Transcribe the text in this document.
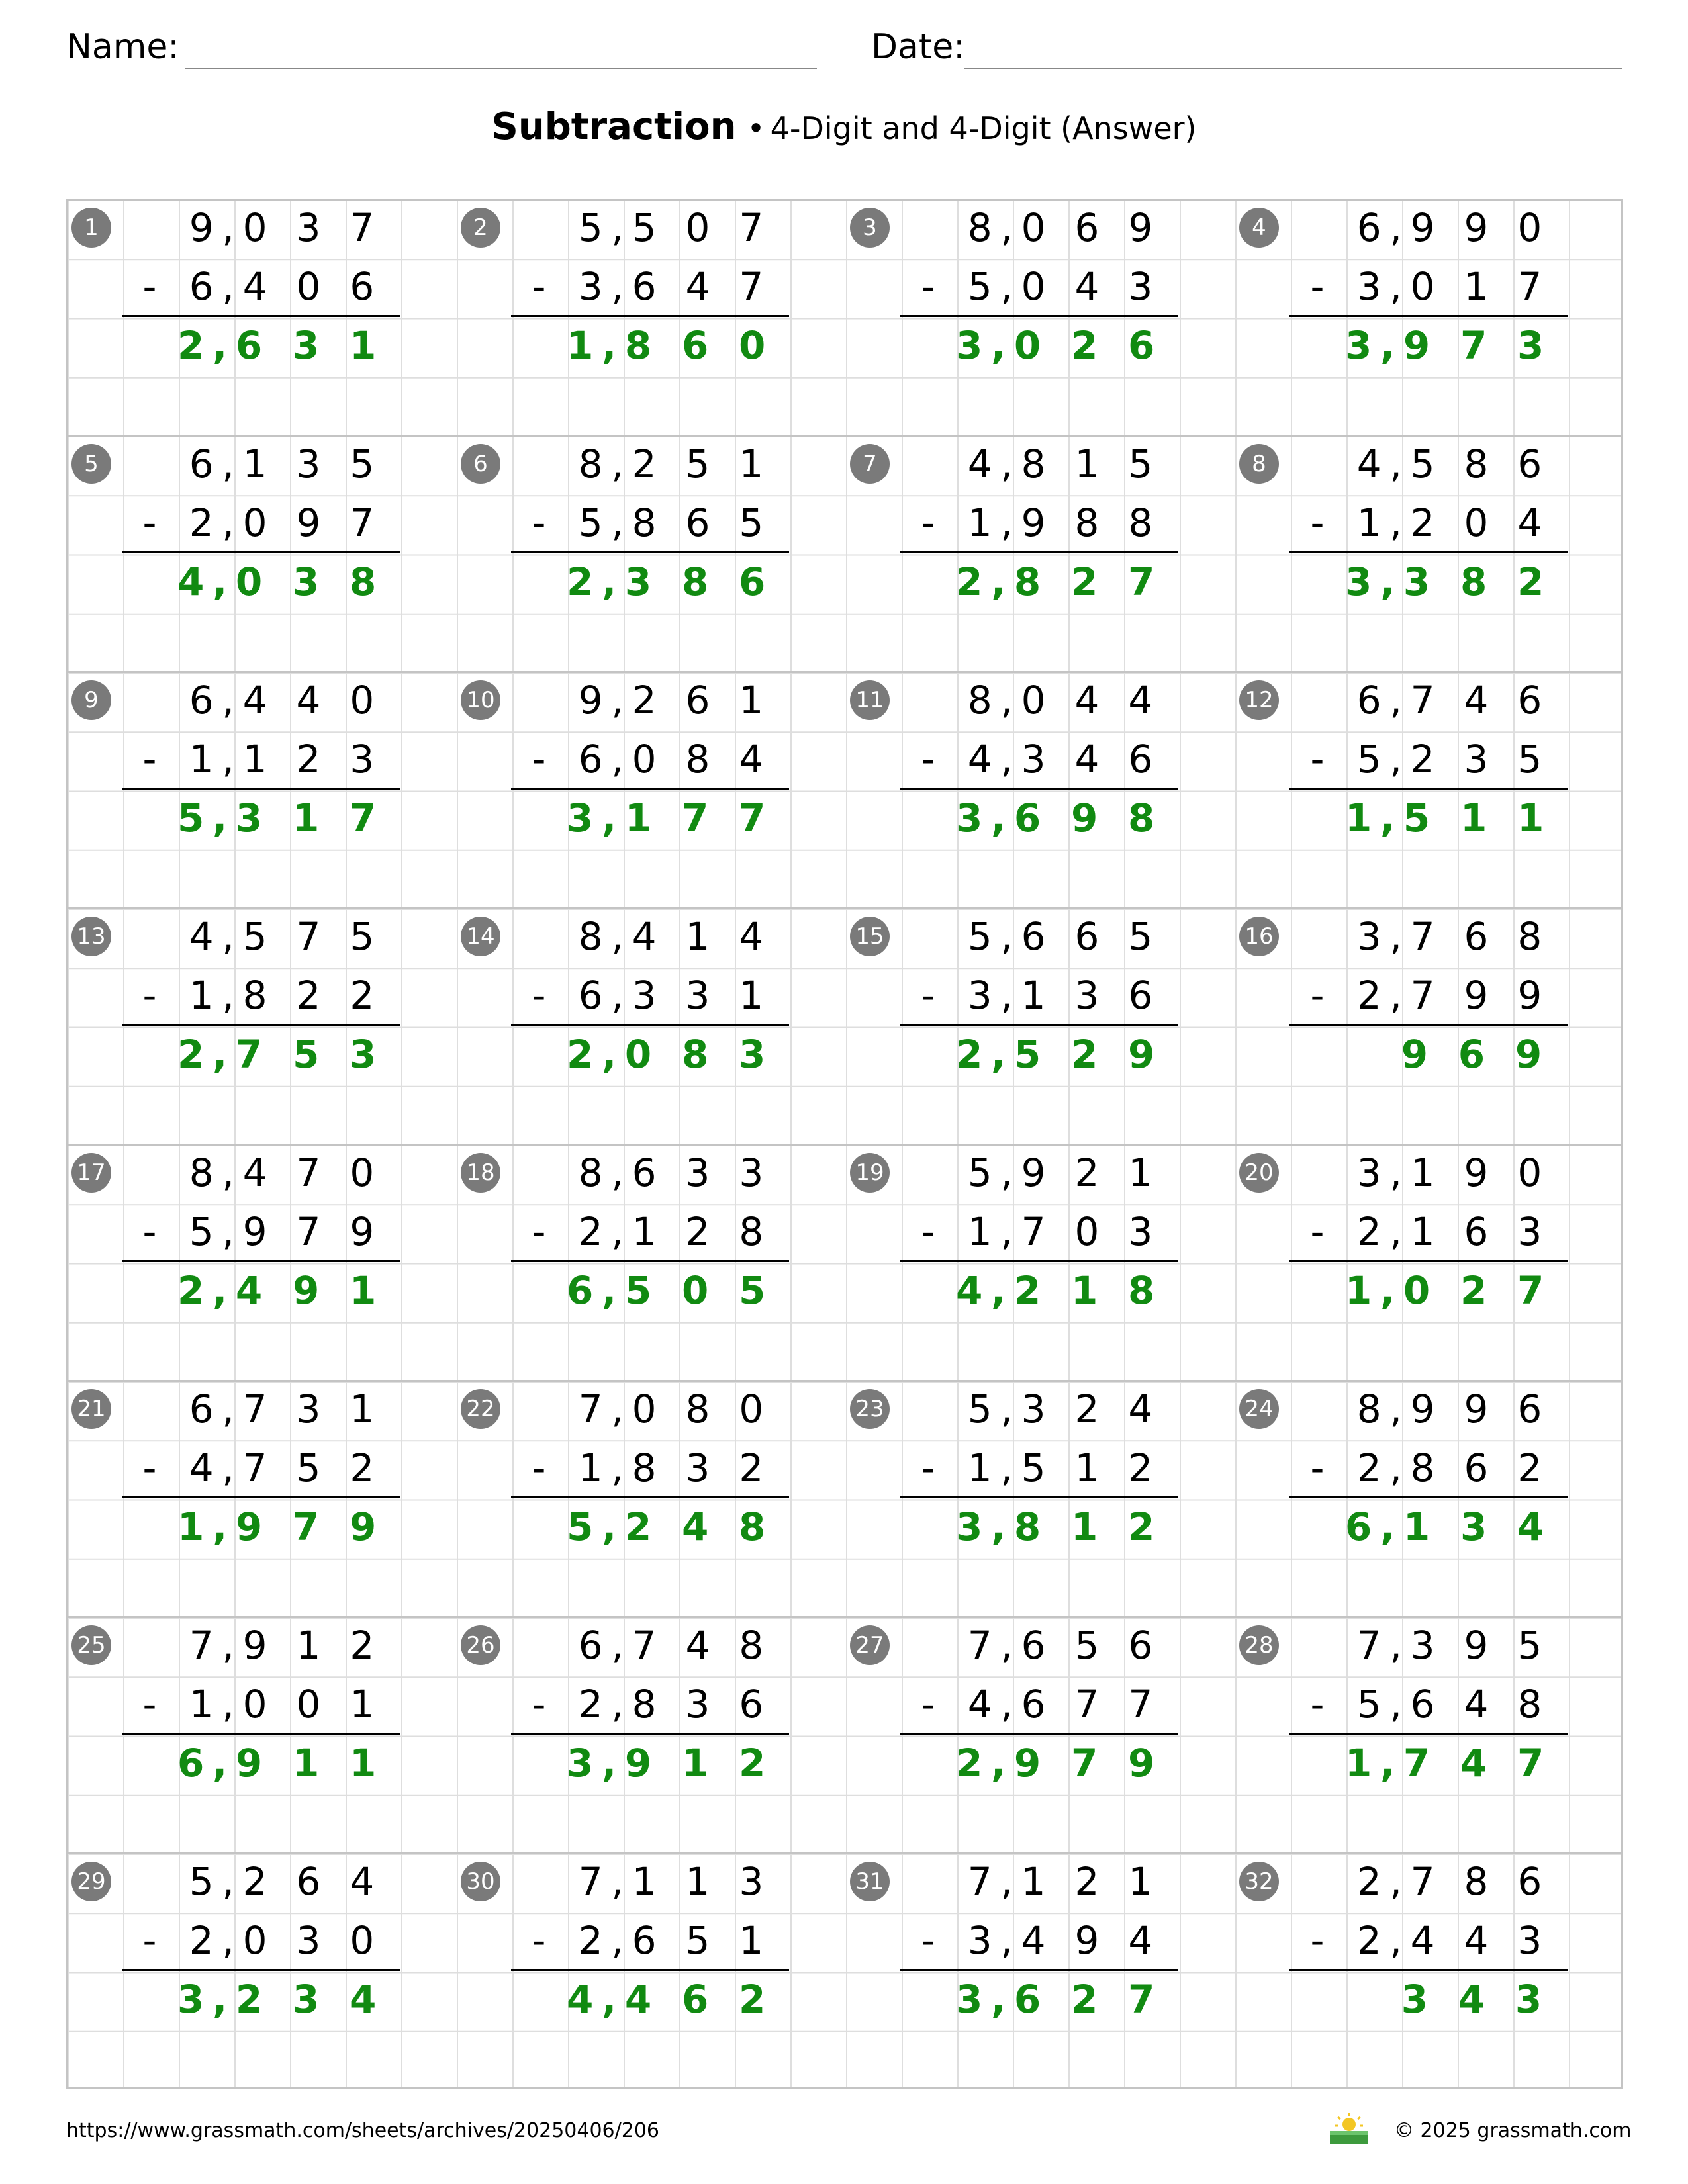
Name:	Date:
Subtraction • 4-Digit and 4-Digit (Answer)
1	9,0 3 7
- 6,4 0 6
2,6 3 1
2	5,5 0 7
- 3,6 4 7
1,8 6 0
3	8,0 6 9
- 5,0 4 3
3,0 2 6
4	6,9 9 0
- 3,0 1 7
3,9 7 3
5	6,1 3 5
- 2,0 9 7
4,0 3 8
6	8,2 5 1
- 5,8 6 5
2,3 8 6
7	4,8 1 5
- 1,9 8 8
2,8 2 7
8	4,5 8 6
- 1,2 0 4
3,3 8 2
9	6,4 4 0
- 1,1 2 3
5,3 1 7
10	9,2 6 1
- 6,0 8 4
3,1 7 7
11	8,0 4 4
- 4,3 4 6
3,6 9 8
12	6,7 4 6
- 5,2 3 5
1,5 1 1
13	4,5 7 5
- 1,8 2 2
2,7 5 3
14	8,4 1 4
- 6,3 3 1
2,0 8 3
15	5,6 6 5
- 3,1 3 6
2,5 2 9
16	3,7 6 8
- 2,7 9 9
9 6 9
17	8,4 7 0
- 5,9 7 9
2,4 9 1
18	8,6 3 3
- 2,1 2 8
6,5 0 5
19	5,9 2 1
- 1,7 0 3
4,2 1 8
20	3,1 9 0
- 2,1 6 3
1,0 2 7
21	6,7 3 1
- 4,7 5 2
1,9 7 9
22	7,0 8 0
- 1,8 3 2
5,2 4 8
23	5,3 2 4
- 1,5 1 2
3,8 1 2
24	8,9 9 6
- 2,8 6 2
6,1 3 4
25	7,9 1 2
- 1,0 0 1
6,9 1 1
26	6,7 4 8
- 2,8 3 6
3,9 1 2
27	7,6 5 6
- 4,6 7 7
2,9 7 9
28	7,3 9 5
- 5,6 4 8
1,7 4 7
29	5,2 6 4
- 2,0 3 0
3,2 3 4
30	7,1 1 3
- 2,6 5 1
4,4 6 2
31	7,1 2 1
- 3,4 9 4
3,6 2 7
32	2,7 8 6
- 2,4 4 3
3 4 3
https://www.grassmath.com/sheets/archives/20250406/206	© 2025 grassmath.com
